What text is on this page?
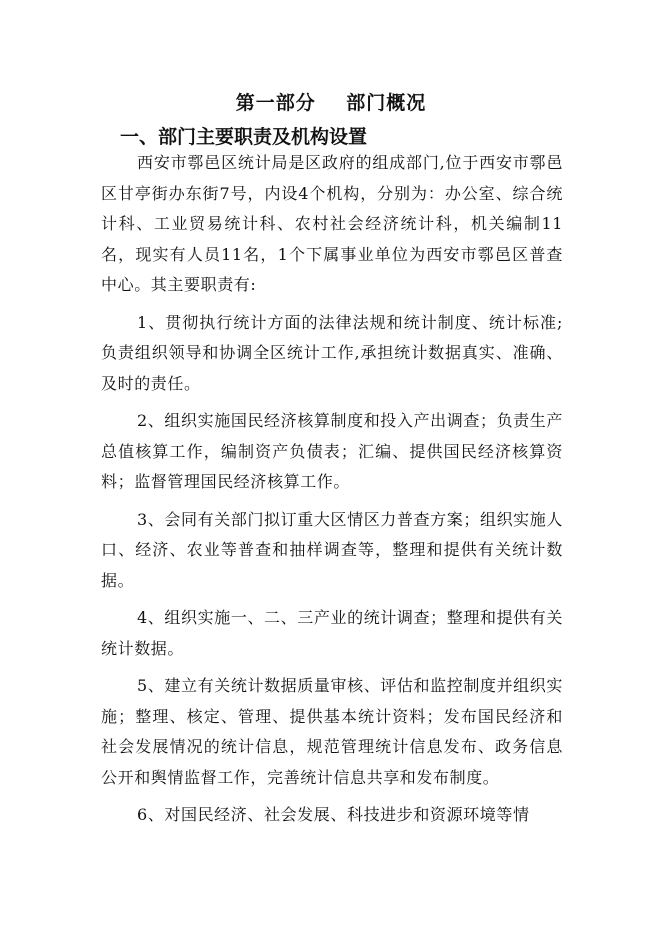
第一部分    部门概况
一、部门主要职责及机构设置

西安市鄠邑区统计局是区政府的组成部门,位于西安市鄠邑区甘亭街办东街7号，内设4个机构，分别为：办公室、综合统计科、工业贸易统计科、农村社会经济统计科，机关编制11名，现实有人员11名，1个下属事业单位为西安市鄠邑区普查中心。其主要职责有:

1、贯彻执行统计方面的法律法规和统计制度、统计标准;负责组织领导和协调全区统计工作,承担统计数据真实、准确、及时的责任。

2、组织实施国民经济核算制度和投入产出调查；负责生产总值核算工作，编制资产负债表；汇编、提供国民经济核算资料；监督管理国民经济核算工作。

3、会同有关部门拟订重大区情区力普查方案；组织实施人口、经济、农业等普查和抽样调查等，整理和提供有关统计数据。

4、组织实施一、二、三产业的统计调查；整理和提供有关统计数据。

5、建立有关统计数据质量审核、评估和监控制度并组织实施；整理、核定、管理、提供基本统计资料；发布国民经济和社会发展情况的统计信息，规范管理统计信息发布、政务信息公开和舆情监督工作，完善统计信息共享和发布制度。

6、对国民经济、社会发展、科技进步和资源环境等情
